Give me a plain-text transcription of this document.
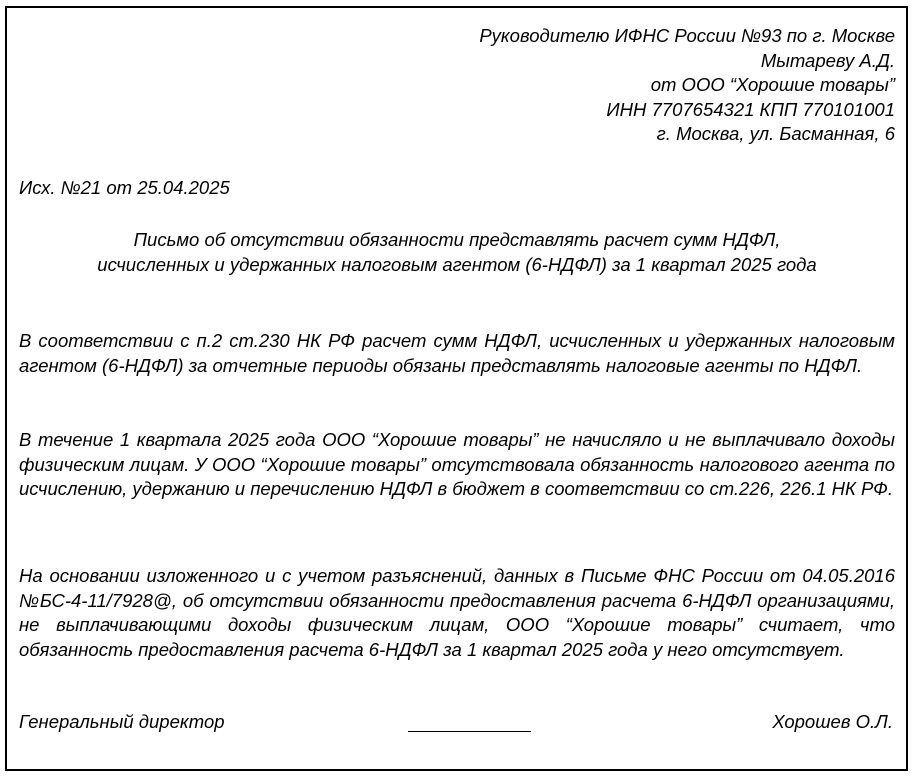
Руководителю ИФНС России №93 по г. Москве
Мытареву А.Д.
от ООО “Хорошие товары”
ИНН 7707654321 КПП 770101001
г. Москва, ул. Басманная, 6
Исх. №21 от 25.04.2025
Письмо об отсутствии обязанности представлять расчет сумм НДФЛ,
исчисленных и удержанных налоговым агентом (6-НДФЛ) за 1 квартал 2025 года

В соответствии с п.2 ст.230 НК РФ расчет сумм НДФЛ, исчисленных и удержанных налоговым агентом (6-НДФЛ) за отчетные периоды обязаны представлять налоговые агенты по НДФЛ.

В течение 1 квартала 2025 года ООО “Хорошие товары” не начисляло и не выплачивало доходы физическим лицам. У ООО “Хорошие товары” отсутствовала обязанность налогового агента по исчислению, удержанию и перечислению НДФЛ в бюджет в соответствии со ст.226, 226.1 НК РФ.

На основании изложенного и с учетом разъяснений, данных в Письме ФНС России от 04.05.2016 №БС-4-11/7928@, об отсутствии обязанности предоставления расчета 6-НДФЛ организациями, не выплачивающими доходы физическим лицам, ООО “Хорошие товары” считает, что обязанность предоставления расчета 6-НДФЛ за 1 квартал 2025 года у него отсутствует.

Генеральный директор	Хорошев О.Л.
